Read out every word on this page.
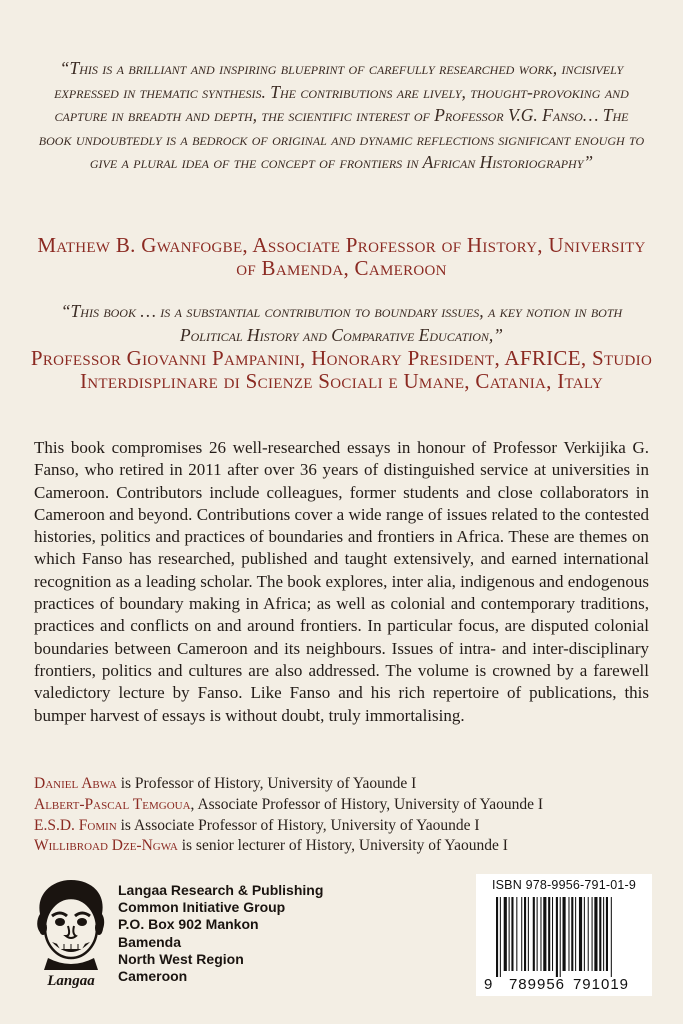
“This is a brilliant and inspiring blueprint of carefully researched work, incisively expressed in thematic synthesis. The contributions are lively, thought-provoking and capture in breadth and depth, the scientific interest of Professor V.G. Fanso… The book undoubtedly is a bedrock of original and dynamic reflections significant enough to give a plural idea of the concept of frontiers in African Historiography”
Mathew B. Gwanfogbe, Associate Professor of History, University of Bamenda, Cameroon
“This book … is a substantial contribution to boundary issues, a key notion in both Political History and Comparative Education,”
Professor Giovanni Pampanini, Honorary President, AFRICE, Studio Interdisplinare di Scienze Sociali e Umane, Catania, Italy
This book compromises 26 well-researched essays in honour of Professor Verkijika G. Fanso, who retired in 2011 after over 36 years of distinguished service at universities in Cameroon. Contributors include colleagues, former students and close collaborators in Cameroon and beyond. Contributions cover a wide range of issues related to the contested histories, politics and practices of boundaries and frontiers in Africa. These are themes on which Fanso has researched, published and taught extensively, and earned international recognition as a leading scholar. The book explores, inter alia, indigenous and endogenous practices of boundary making in Africa; as well as colonial and contemporary traditions, practices and conflicts on and around frontiers. In particular focus, are disputed colonial boundaries between Cameroon and its neighbours. Issues of intra- and inter-disciplinary frontiers, politics and cultures are also addressed. The volume is crowned by a farewell valedictory lecture by Fanso. Like Fanso and his rich repertoire of publications, this bumper harvest of essays is without doubt, truly immortalising.
Daniel Abwa is Professor of History, University of Yaounde I
Albert-Pascal Temgoua, Associate Professor of History, University of Yaounde I
E.S.D. Fomin is Associate Professor of History, University of Yaounde I
Willibroad Dze-Ngwa is senior lecturer of History, University of Yaounde I
Langaa
Langaa Research & Publishing
Common Initiative Group
P.O. Box 902 Mankon
Bamenda
North West Region
Cameroon
ISBN 978-9956-791-01-9
9 789956 791019
